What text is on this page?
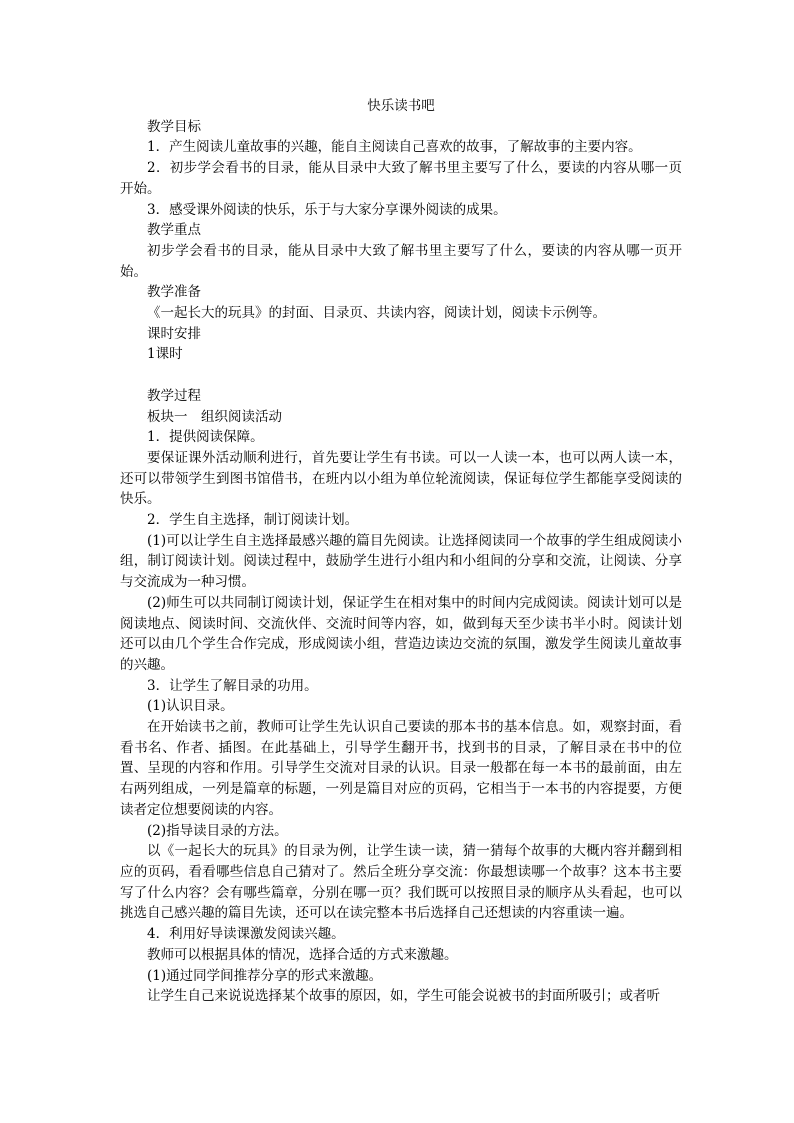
快乐读书吧
教学目标
1．产生阅读儿童故事的兴趣，能自主阅读自己喜欢的故事，了解故事的主要内容。
2．初步学会看书的目录，能从目录中大致了解书里主要写了什么，要读的内容从哪一页开始。
3．感受课外阅读的快乐，乐于与大家分享课外阅读的成果。
教学重点
初步学会看书的目录，能从目录中大致了解书里主要写了什么，要读的内容从哪一页开始。
教学准备
《一起长大的玩具》的封面、目录页、共读内容，阅读计划，阅读卡示例等。
课时安排
1课时
教学过程
板块一　组织阅读活动
1．提供阅读保障。
要保证课外活动顺利进行，首先要让学生有书读。可以一人读一本，也可以两人读一本，还可以带领学生到图书馆借书，在班内以小组为单位轮流阅读，保证每位学生都能享受阅读的快乐。
2．学生自主选择，制订阅读计划。
(1)可以让学生自主选择最感兴趣的篇目先阅读。让选择阅读同一个故事的学生组成阅读小组，制订阅读计划。阅读过程中，鼓励学生进行小组内和小组间的分享和交流，让阅读、分享与交流成为一种习惯。
(2)师生可以共同制订阅读计划，保证学生在相对集中的时间内完成阅读。阅读计划可以是阅读地点、阅读时间、交流伙伴、交流时间等内容，如，做到每天至少读书半小时。阅读计划还可以由几个学生合作完成，形成阅读小组，营造边读边交流的氛围，激发学生阅读儿童故事的兴趣。
3．让学生了解目录的功用。
(1)认识目录。
在开始读书之前，教师可让学生先认识自己要读的那本书的基本信息。如，观察封面，看看书名、作者、插图。在此基础上，引导学生翻开书，找到书的目录，了解目录在书中的位置、呈现的内容和作用。引导学生交流对目录的认识。目录一般都在每一本书的最前面，由左右两列组成，一列是篇章的标题，一列是篇目对应的页码，它相当于一本书的内容提要，方便读者定位想要阅读的内容。
(2)指导读目录的方法。
以《一起长大的玩具》的目录为例，让学生读一读，猜一猜每个故事的大概内容并翻到相应的页码，看看哪些信息自己猜对了。然后全班分享交流：你最想读哪一个故事？这本书主要写了什么内容？会有哪些篇章，分别在哪一页？我们既可以按照目录的顺序从头看起，也可以挑选自己感兴趣的篇目先读，还可以在读完整本书后选择自己还想读的内容重读一遍。
4．利用好导读课激发阅读兴趣。
教师可以根据具体的情况，选择合适的方式来激趣。
(1)通过同学间推荐分享的形式来激趣。
让学生自己来说说选择某个故事的原因，如，学生可能会说被书的封面所吸引；或者听
